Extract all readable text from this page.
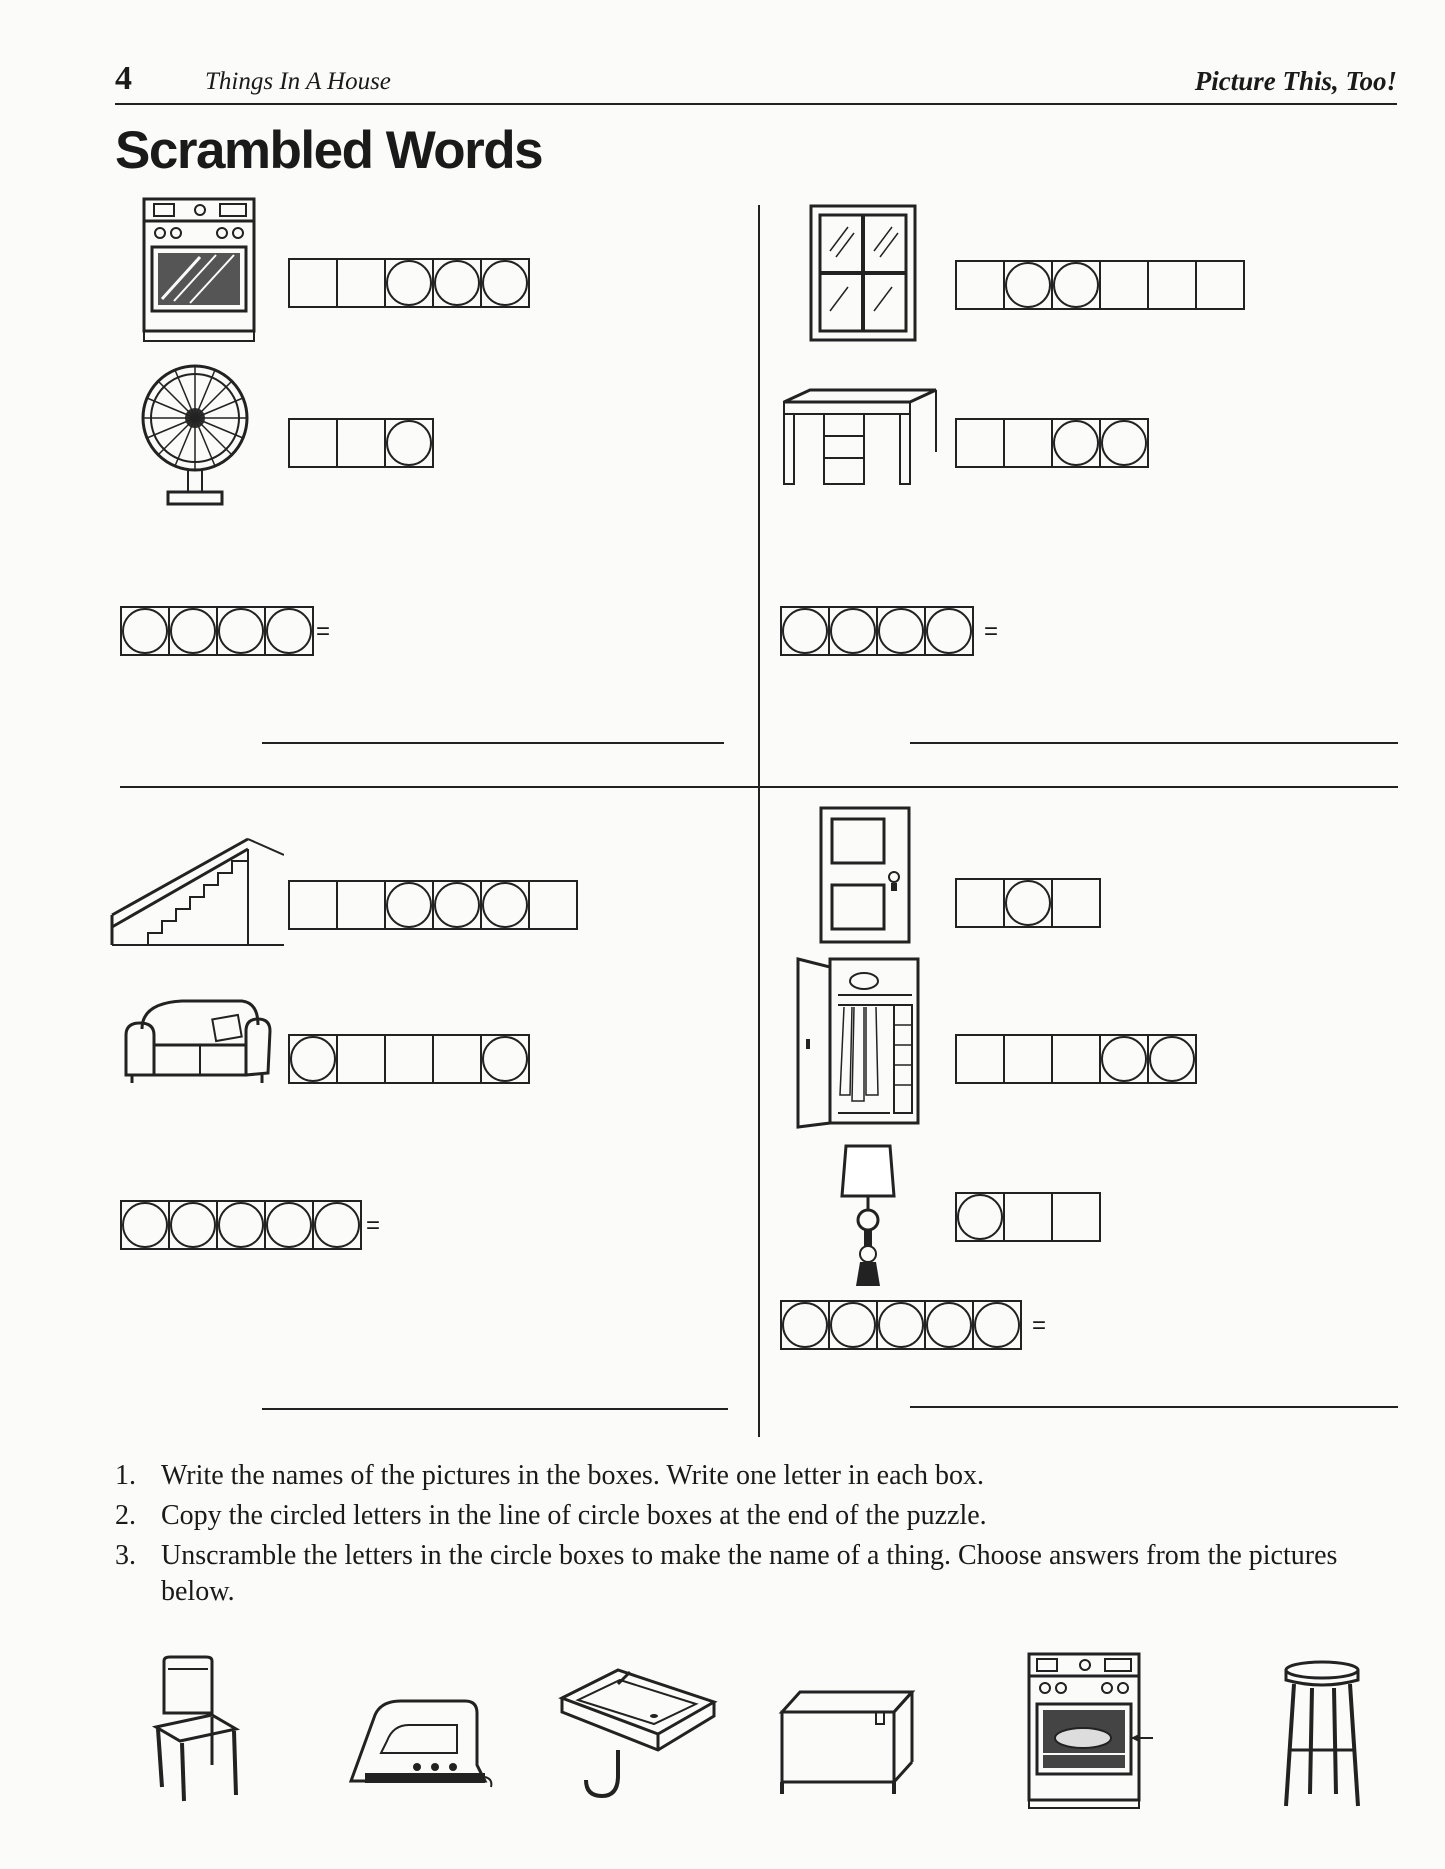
4	Things In A House	Picture This, Too!
Scrambled Words
=	=
=
=
1. Write the names of the pictures in the boxes. Write one letter in each box.
2. Copy the circled letters in the line of circle boxes at the end of the puzzle.
3. Unscramble the letters in the circle boxes to make the name of a thing. Choose answers from the pictures below.
